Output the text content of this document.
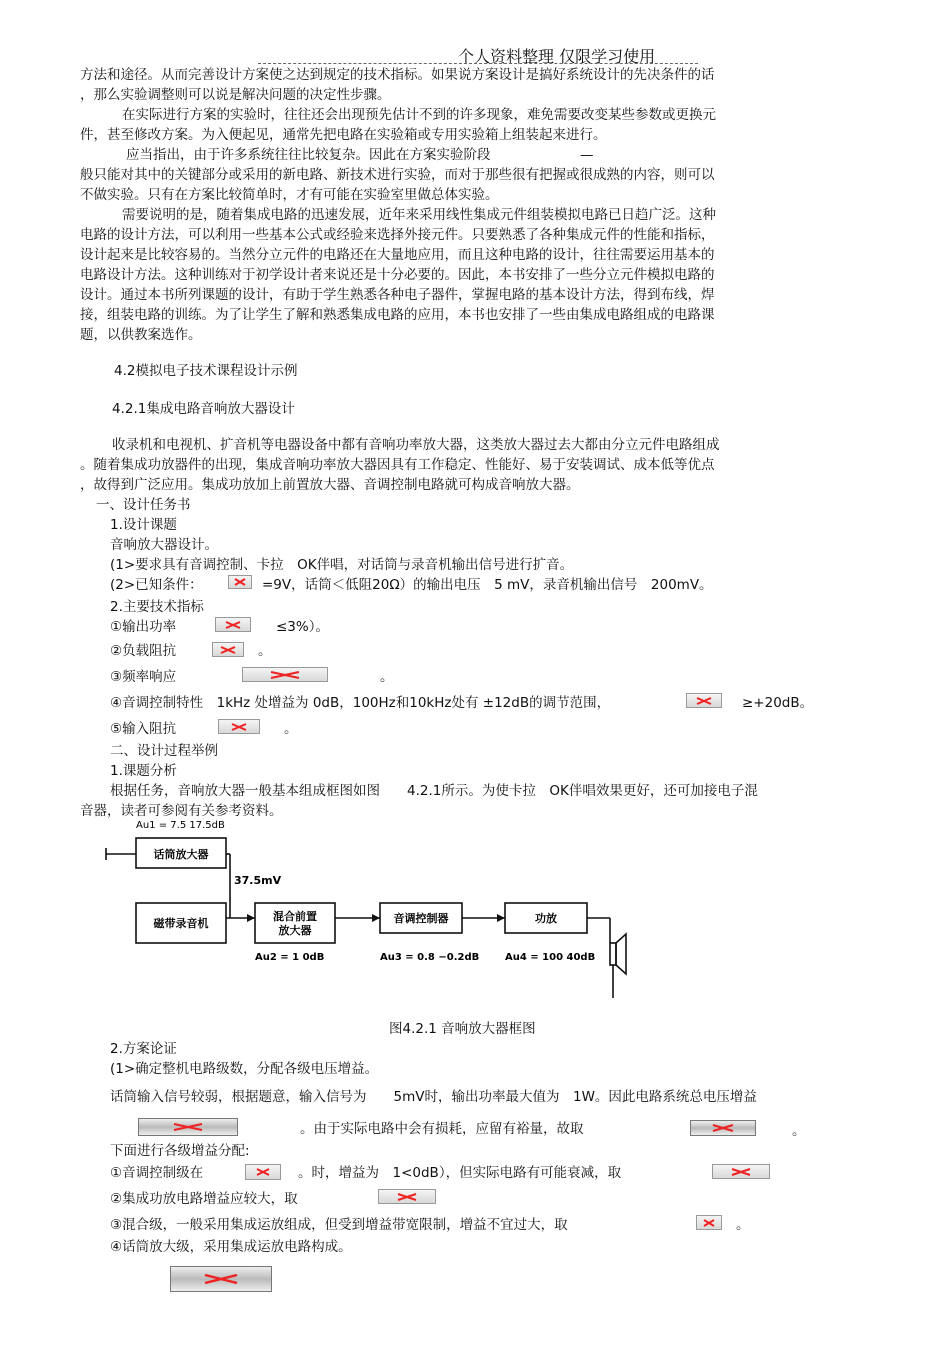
个人资料整理 仅限学习使用
方法和途径。从而完善设计方案使之达到规定的技术指标。如果说方案设计是搞好系统设计的先决条件的话
，那么实验调整则可以说是解决问题的决定性步骤。
在实际进行方案的实验时，往往还会出现预先估计不到的许多现象，难免需要改变某些参数或更换元
件，甚至修改方案。为入便起见，通常先把电路在实验箱或专用实验箱上组装起来进行。
应当指出，由于许多系统往往比较复杂。因此在方案实验阶段	—
般只能对其中的关键部分或采用的新电路、新技术进行实验，而对于那些很有把握或很成熟的内容，则可以
不做实验。只有在方案比较简单时，才有可能在实验室里做总体实验。
需要说明的是，随着集成电路的迅速发展，近年来采用线性集成元件组装模拟电路已日趋广泛。这种
电路的设计方法，可以利用一些基本公式或经验来选择外接元件。只要熟悉了各种集成元件的性能和指标，
设计起来是比较容易的。当然分立元件的电路还在大量地应用，而且这种电路的设计，往往需要运用基本的
电路设计方法。这种训练对于初学设计者来说还是十分必要的。因此，本书安排了一些分立元件模拟电路的
设计。通过本书所列课题的设计，有助于学生熟悉各种电子器件，掌握电路的基本设计方法，得到布线，焊
接，组装电路的训练。为了让学生了解和熟悉集成电路的应用，本书也安排了一些由集成电路组成的电路课
题，以供教案选作。
4.2模拟电子技术课程设计示例
4.2.1集成电路音响放大器设计
收录机和电视机、扩音机等电器设备中都有音响功率放大器，这类放大器过去大都由分立元件电路组成
。随着集成功放器件的出现，集成音响功率放大器因具有工作稳定、性能好、易于安装调试、成本低等优点
，故得到广泛应用。集成功放加上前置放大器、音调控制电路就可构成音响放大器。
一、设计任务书
1.设计课题
音响放大器设计。
(1>要求具有音调控制、卡拉　OK伴唱，对话筒与录音机输出信号进行扩音。
(2>已知条件：	=9V，话筒＜低阻20Ω）的输出电压　5 mV，录音机输出信号　200mV。
2.主要技术指标
①输出功率	≤3%）。
②负载阻抗	。
③频率响应	。
④音调控制特性　1kHz 处增益为 0dB，100Hz和10kHz处有 ±12dB的调节范围，	≥+20dB。
⑤输入阻抗	。
二、设计过程举例
1.课题分析
根据任务，音响放大器一般基本组成框图如图　　4.2.1所示。为使卡拉　OK伴唱效果更好，还可加接电子混
音器，读者可参阅有关参考资料。
Au1 = 7.5 17.5dB
话筒放大器
37.5mV
磁带录音机
混合前置
放大器
音调控制器	功放
Au2 = 1 0dB	Au3 = 0.8 −0.2dB	Au4 = 100 40dB
图4.2.1 音响放大器框图
2.方案论证
(1>确定整机电路级数，分配各级电压增益。
话筒输入信号较弱，根据题意，输入信号为　　5mV时，输出功率最大值为　1W。因此电路系统总电压增益
。由于实际电路中会有损耗，应留有裕量，故取	。
下面进行各级增益分配:
①音调控制级在	。时，增益为　1<0dB），但实际电路有可能衰减，取
②集成功放电路增益应较大，取
③混合级，一般采用集成运放组成，但受到增益带宽限制，增益不宜过大，取	。
④话筒放大级，采用集成运放电路构成。
